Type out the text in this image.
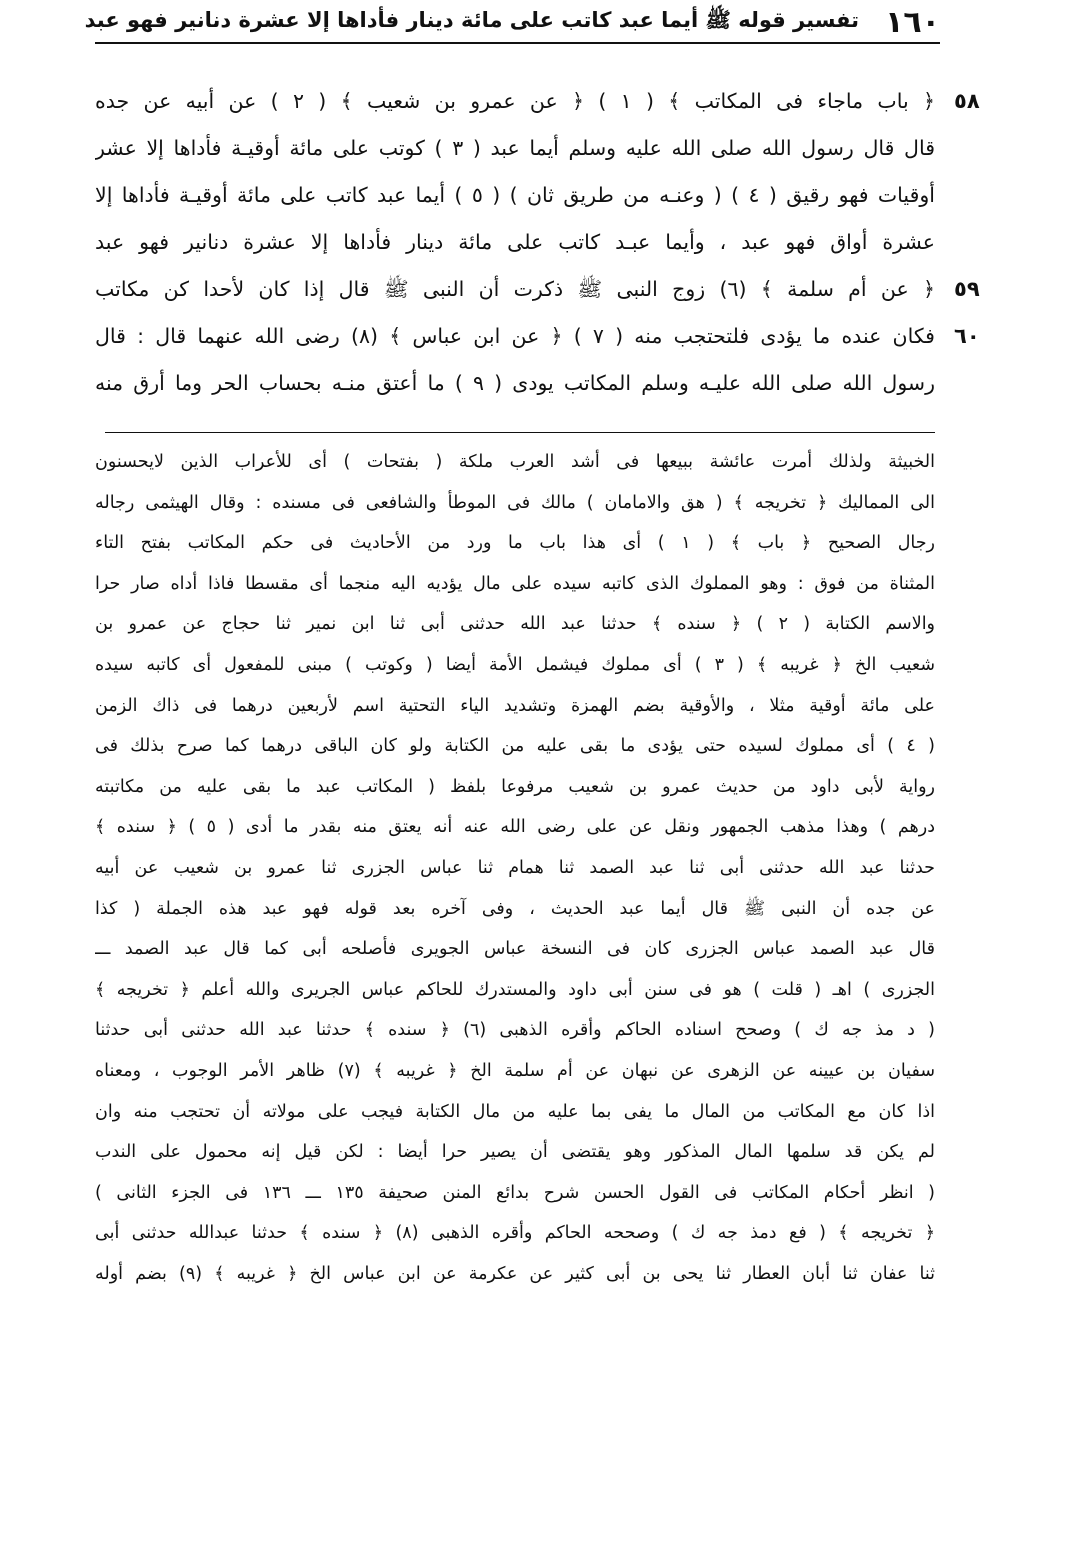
١٦٠
تفسير قوله ﷺ أيما عبد كاتب على مائة دينار فأداها إلا عشرة دنانير فهو عبد
٥٨
٥٩
٦٠
﴿ باب ماجاء فى المكاتب ﴾ ( ١ ) ﴿ عن عمرو بن شعيب ﴾ ( ٢ ) عن أبيه عن جده
قال قال رسول الله صلى الله عليه وسلم أيما عبد ( ٣ ) كوتب على مائة أوقيـة فأداها إلا عشر
أوقيات فهو رقيق ( ٤ ) ( وعنـه من طريق ثان ) ( ٥ ) أيما عبد كاتب على مائة أوقيـة فأداها إلا
عشرة أواق فهو عبد ، وأيما عبـد كاتب على مائة دينار فأداها إلا عشرة دنانير فهو عبد
﴿ عن أم سلمة ﴾ (٦) زوج النبى ﷺ ذكرت أن النبى ﷺ قال إذا كان لأحدا كن مكاتب
فكان عنده ما يؤدى فلتحتجب منه ( ٧ ) ﴿ عن ابن عباس ﴾ (٨) رضى الله عنهما قال : قال
رسول الله صلى الله عليـه وسلم المكاتب يودى ( ٩ ) ما أعتق منـه بحساب الحر وما أرق منه
الخبيثة ولذلك أمرت عائشة ببيعها فى أشد العرب ملكة ( بفتحات ) أى للأعراب الذين لايحسنون
الى المماليك ﴿ تخريجه ﴾ ( هق والامامان ) مالك فى الموطأ والشافعى فى مسنده : وقال الهيثمى رجاله
رجال الصحيح ﴿ باب ﴾ ( ١ ) أى هذا باب ما ورد من الأحاديث فى حكم المكاتب بفتح التاء
المثناة من فوق : وهو المملوك الذى كاتبه سيده على مال يؤديه اليه منجما أى مقسطا فاذا أداه صار حرا
والاسم الكتابة ( ٢ ) ﴿ سنده ﴾ حدثنا عبد الله حدثنى أبى ثنا ابن نمير ثنا حجاج عن عمرو بن
شعيب الخ ﴿ غريبه ﴾ ( ٣ ) أى مملوك فيشمل الأمة أيضا ( وكوتب ) مبنى للمفعول أى كاتبه سيده
على مائة أوقية مثلا ، والأوقية بضم الهمزة وتشديد الياء التحتية اسم لأربعين درهما فى ذاك الزمن
( ٤ ) أى مملوك لسيده حتى يؤدى ما بقى عليه من الكتابة ولو كان الباقى درهما كما صرح بذلك فى
رواية لأبى داود من حديث عمرو بن شعيب مرفوعا بلفظ ( المكاتب عبد ما بقى عليه من مكاتبته
درهم ) وهذا مذهب الجمهور ونقل عن على رضى الله عنه أنه يعتق منه بقدر ما أدى ( ٥ ) ﴿ سنده ﴾
حدثنا عبد الله حدثنى أبى ثنا عبد الصمد ثنا همام ثنا عباس الجزرى ثنا عمرو بن شعيب عن أبيه
عن جده أن النبى ﷺ قال أيما عبد الحديث ، وفى آخره بعد قوله فهو عبد هذه الجملة ( كذا
قال عبد الصمد عباس الجزرى كان فى النسخة عباس الجويرى فأصلحه أبى كما قال عبد الصمد ـــ
الجزرى ) اهـ ( قلت ) هو فى سنن أبى داود والمستدرك للحاكم عباس الجريرى والله أعلم ﴿ تخريجه ﴾
( د مذ جه ك ) وصحح اسناده الحاكم وأقره الذهبى (٦) ﴿ سنده ﴾ حدثنا عبد الله حدثنى أبى حدثنا
سفيان بن عيينه عن الزهرى عن نبهان عن أم سلمة الخ ﴿ غريبه ﴾ (٧) ظاهر الأمر الوجوب ، ومعناه
اذا كان مع المكاتب من المال ما يفى بما عليه من مال الكتابة فيجب على مولاته أن تحتجب منه وان
لم يكن قد سلمها المال المذكور وهو يقتضى أن يصير حرا أيضا : لكن قيل إنه محمول على الندب
( انظر أحكام المكاتب فى القول الحسن شرح بدائع المنن صحيفة ١٣٥ ـــ ١٣٦ فى الجزء الثانى )
﴿ تخريجه ﴾ ( فع دمذ جه ك ) وصححه الحاكم وأقره الذهبى (٨) ﴿ سنده ﴾ حدثنا عبدالله حدثنى أبى
ثنا عفان ثنا أبان العطار ثنا يحى بن أبى كثير عن عكرمة عن ابن عباس الخ ﴿ غريبه ﴾ (٩) بضم أوله
